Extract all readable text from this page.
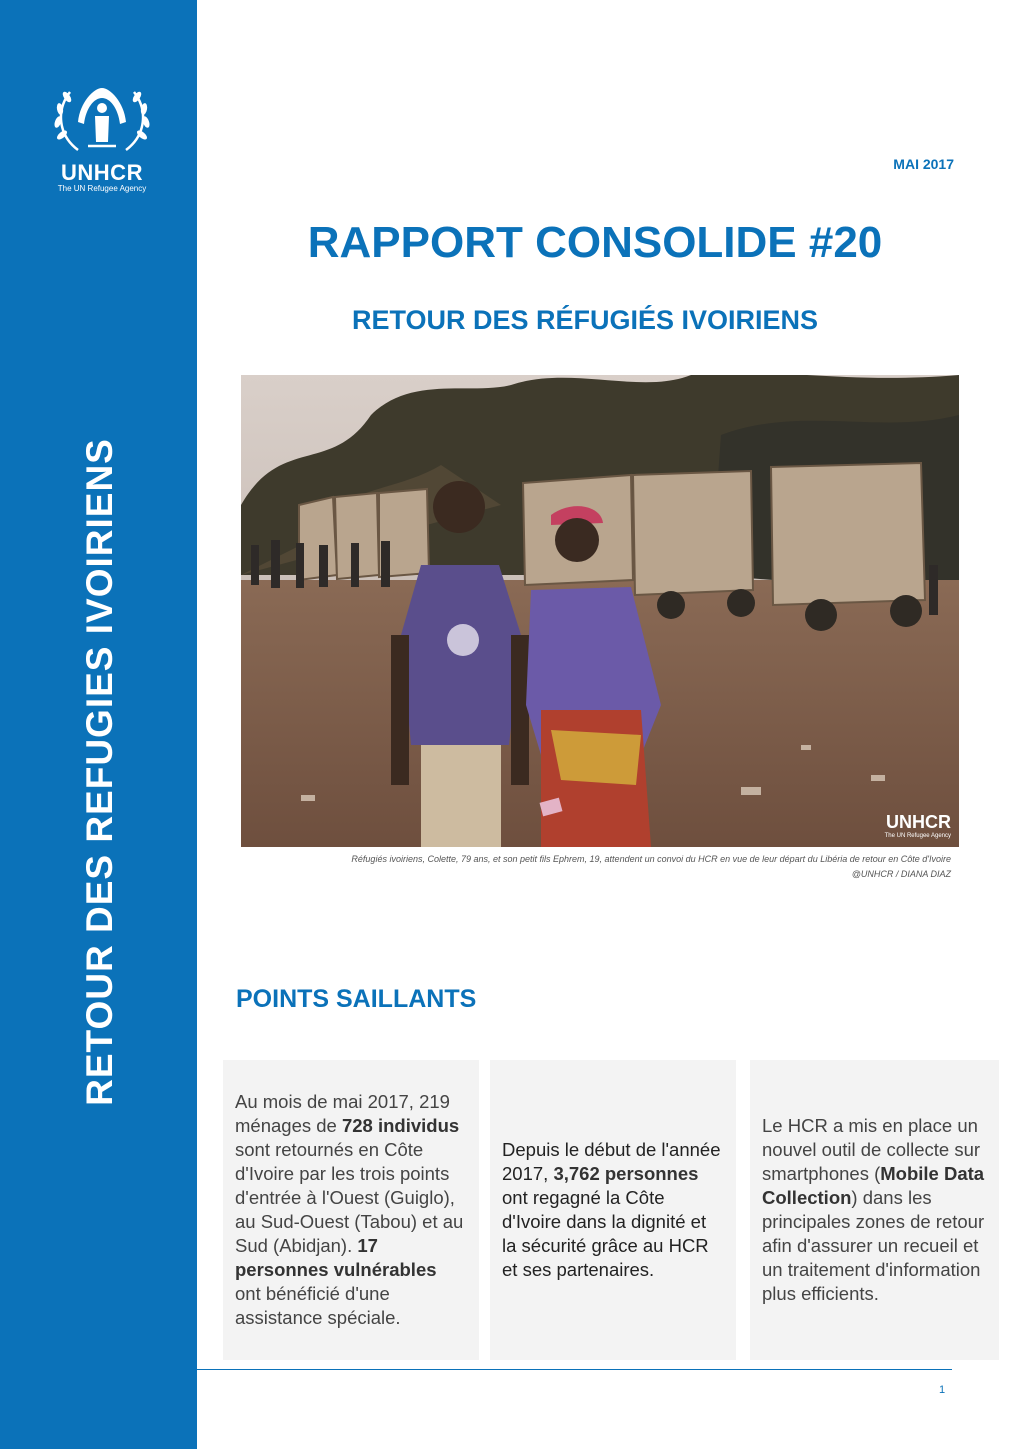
UNHCR
The UN Refugee Agency
RETOUR DES REFUGIES IVOIRIENS
MAI 2017
RAPPORT CONSOLIDE #20
RETOUR DES RÉFUGIÉS IVOIRIENS
UNHCR
The UN Refugee Agency
Réfugiés ivoiriens, Colette, 79 ans, et son petit fils Ephrem, 19, attendent un convoi du HCR en vue de leur départ du Libéria de retour en Côte d'Ivoire
@UNHCR / DIANA DIAZ
POINTS SAILLANTS

Au mois de mai 2017, 219 ménages de 728 individus sont retournés en Côte d'Ivoire par les trois points d'entrée à l'Ouest (Guiglo), au Sud-Ouest (Tabou) et au Sud (Abidjan). 17 personnes vulnérables ont bénéficié d'une assistance spéciale.

Depuis le début de l'année 2017, 3,762 personnes ont regagné la Côte d'Ivoire dans la dignité et la sécurité grâce au HCR et ses partenaires.

Le HCR a mis en place un nouvel outil de collecte sur smartphones (Mobile Data Collection) dans les principales zones de retour afin d'assurer un recueil et un traitement d'information plus efficients.

1
